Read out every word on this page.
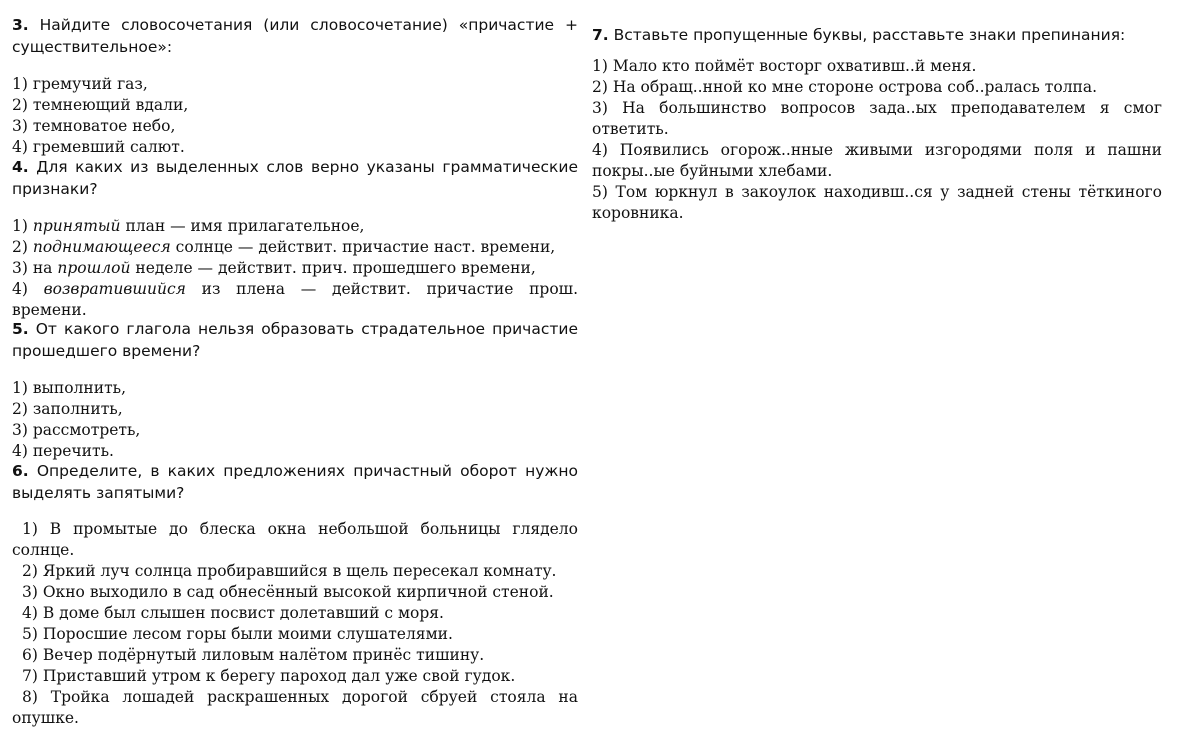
3. Найдите словосочетания (или словосочетание) «причастие + существительное»:

1) гремучий газ,

2) темнеющий вдали,

3) темноватое небо,

4) гремевший салют.

4. Для каких из выделенных слов верно указаны грамматические признаки?

1) принятый план — имя прилагательное,

2) поднимающееся солнце — действит. причастие наст. времени,

3) на прошлой неделе — действит. прич. прошедшего времени,

4) возвратившийся из плена — действит. причастие прош. времени.

5. От какого глагола нельзя образовать страдательное причастие прошедшего времени?

1) выполнить,

2) заполнить,

3) рассмотреть,

4) перечить.

6. Определите, в каких предложениях причастный оборот нужно выделять запятыми?

1) В промытые до блеска окна небольшой больницы глядело солнце.

2) Яркий луч солнца пробиравшийся в щель пересекал комнату.

3) Окно выходило в сад обнесённый высокой кирпичной стеной.

4) В доме был слышен посвист долетавший с моря.

5) Поросшие лесом горы были моими слушателями.

6) Вечер подёрнутый лиловым налётом принёс тишину.

7) Приставший утром к берегу пароход дал уже свой гудок.

8) Тройка лошадей раскрашенных дорогой сбруей стояла на опушке.

7. Вставьте пропущенные буквы, расставьте знаки препинания:

1) Мало кто поймёт восторг охвативш..й меня.

2) На обращ..нной ко мне стороне острова соб..ралась толпа.

3) На большинство вопросов зада..ых преподавателем я смог ответить.

4) Появились огорож..нные живыми изгородями поля и пашни покры..ые буйными хлебами.

5) Том юркнул в закоулок находивш..ся у задней стены тёткиного коровника.
